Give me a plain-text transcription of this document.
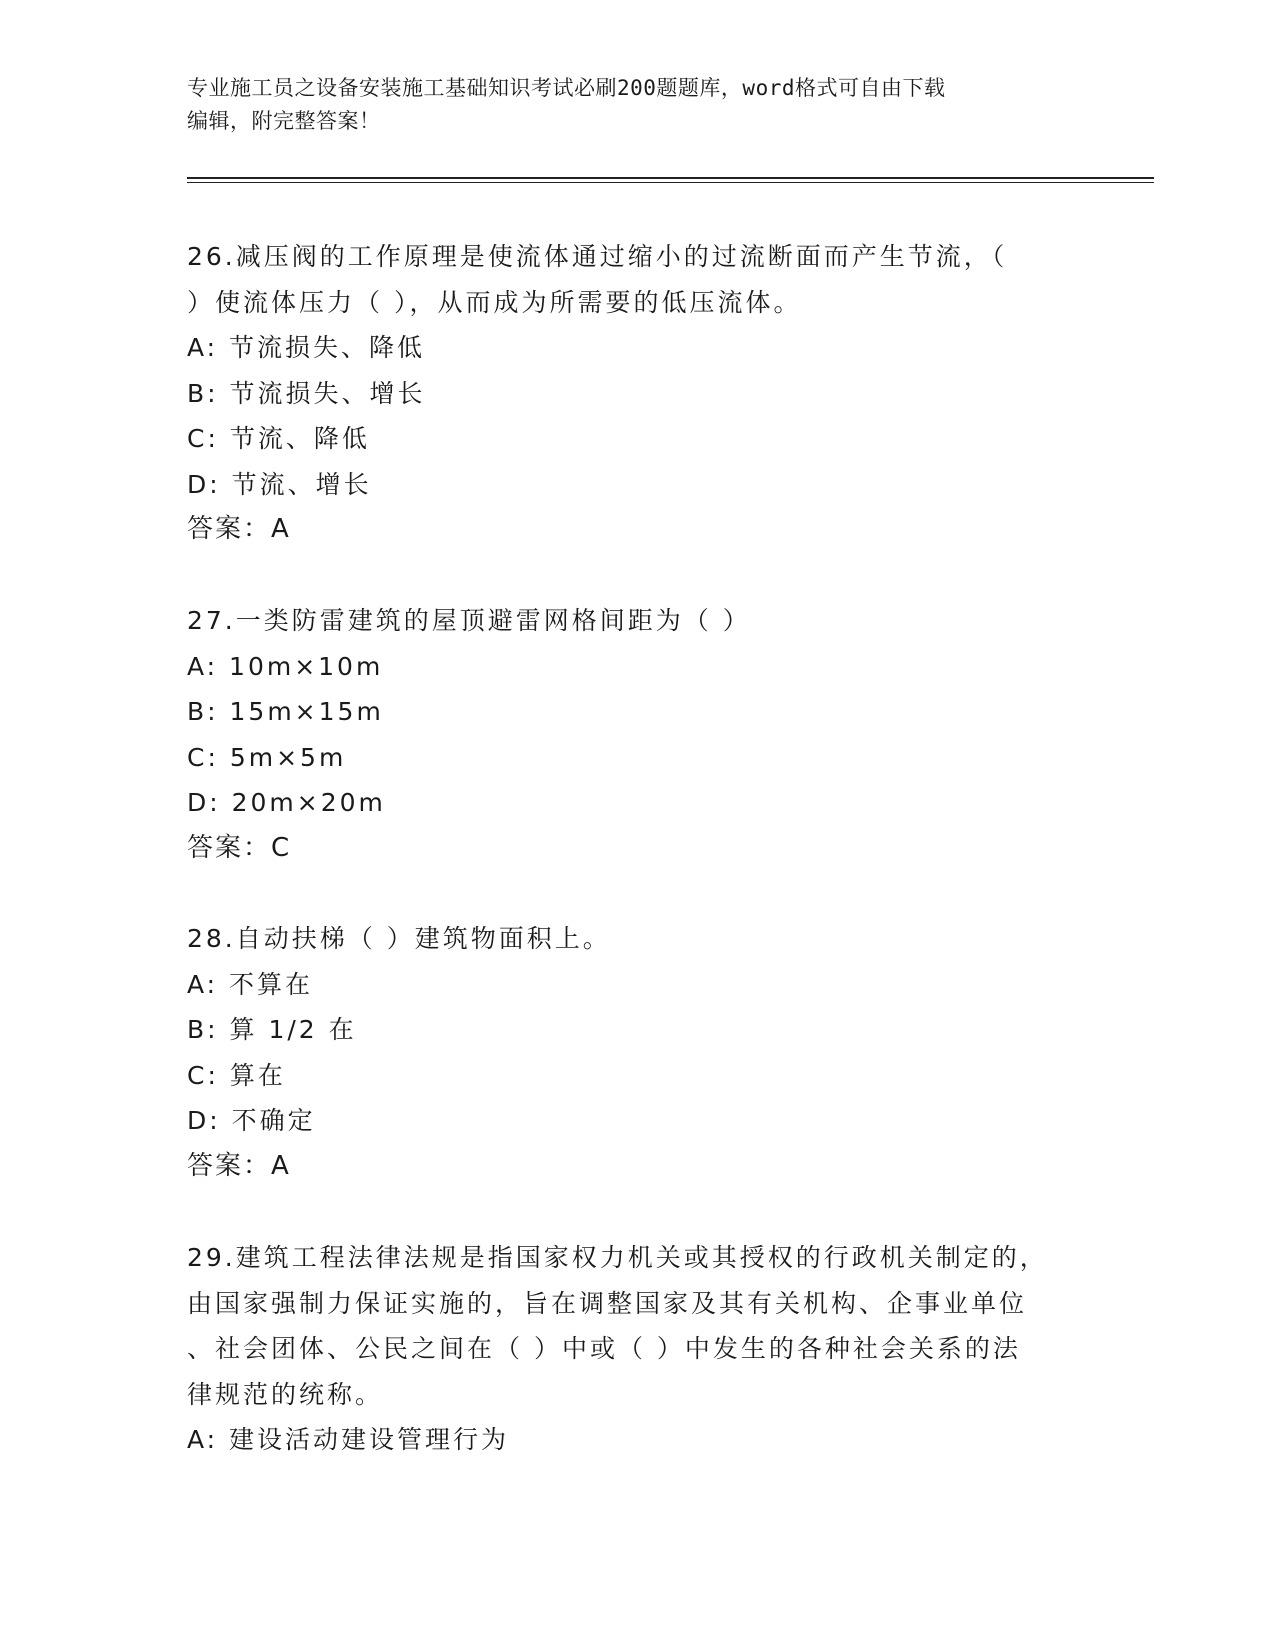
专业施工员之设备安装施工基础知识考试必刷200题题库，word格式可自由下载
编辑，附完整答案！
26.减压阀的工作原理是使流体通过缩小的过流断面而产生节流，（
）使流体压力（ ），从而成为所需要的低压流体。
A: 节流损失、降低
B: 节流损失、增长
C: 节流、降低
D: 节流、增长
答案：A
27.一类防雷建筑的屋顶避雷网格间距为（ ）
A: 10m×10m
B: 15m×15m
C: 5m×5m
D: 20m×20m
答案：C
28.自动扶梯（ ）建筑物面积上。
A: 不算在
B: 算 1/2 在
C: 算在
D: 不确定
答案：A
29.建筑工程法律法规是指国家权力机关或其授权的行政机关制定的，
由国家强制力保证实施的，旨在调整国家及其有关机构、企事业单位
、社会团体、公民之间在（ ）中或（ ）中发生的各种社会关系的法
律规范的统称。
A: 建设活动建设管理行为
